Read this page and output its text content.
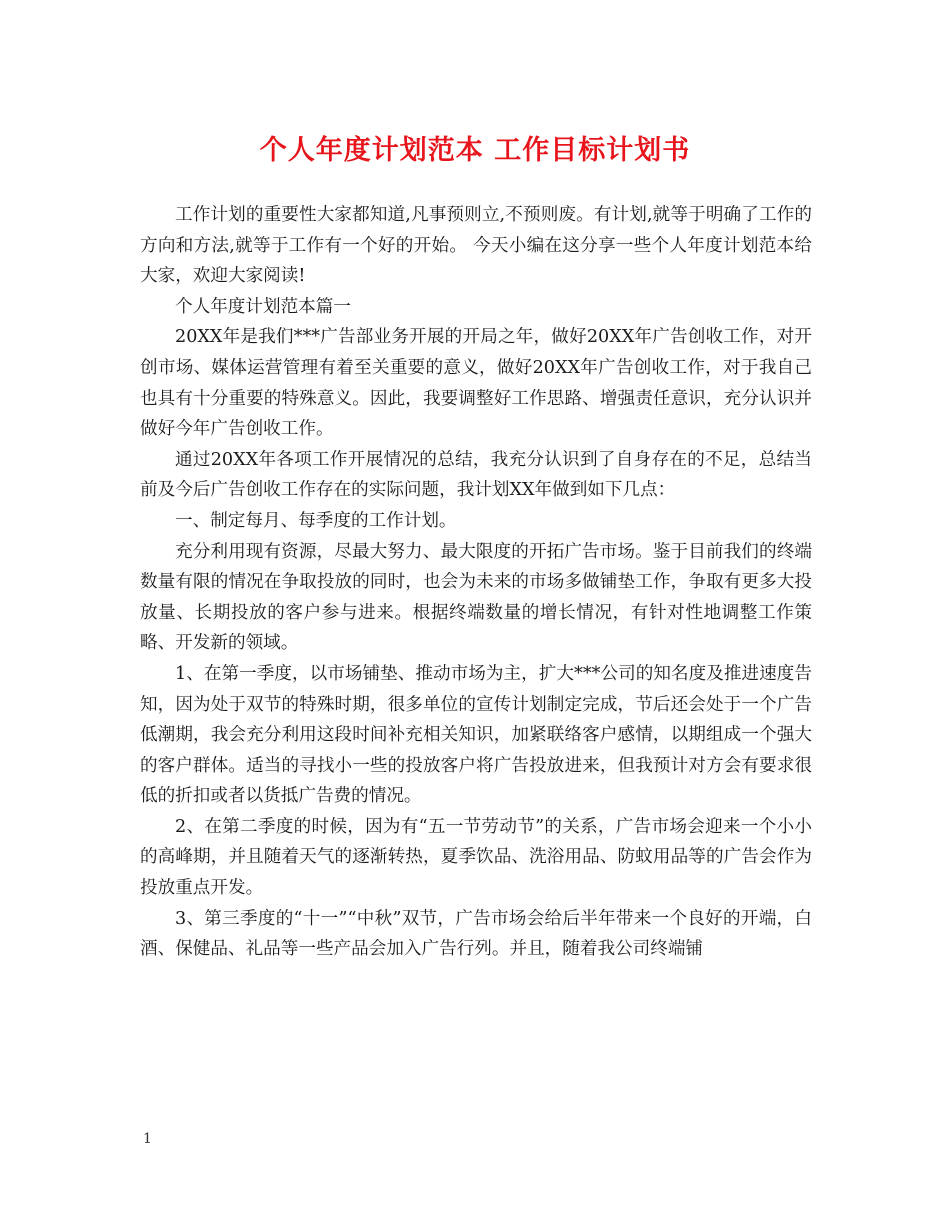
个人年度计划范本 工作目标计划书

工作计划的重要性大家都知道,凡事预则立,不预则废。有计划,就等于明确了工作的方向和方法,就等于工作有一个好的开始。 今天小编在这分享一些个人年度计划范本给大家，欢迎大家阅读!

个人年度计划范本篇一

20XX年是我们***广告部业务开展的开局之年，做好20XX年广告创收工作，对开创市场、媒体运营管理有着至关重要的意义，做好20XX年广告创收工作，对于我自己也具有十分重要的特殊意义。因此，我要调整好工作思路、增强责任意识，充分认识并做好今年广告创收工作。

通过20XX年各项工作开展情况的总结，我充分认识到了自身存在的不足，总结当前及今后广告创收工作存在的实际问题，我计划XX年做到如下几点：

一、制定每月、每季度的工作计划。

充分利用现有资源，尽最大努力、最大限度的开拓广告市场。鉴于目前我们的终端数量有限的情况在争取投放的同时，也会为未来的市场多做铺垫工作，争取有更多大投放量、长期投放的客户参与进来。根据终端数量的增长情况，有针对性地调整工作策略、开发新的领域。

1、在第一季度，以市场铺垫、推动市场为主，扩大***公司的知名度及推进速度告知，因为处于双节的特殊时期，很多单位的宣传计划制定完成，节后还会处于一个广告低潮期，我会充分利用这段时间补充相关知识，加紧联络客户感情，以期组成一个强大的客户群体。适当的寻找小一些的投放客户将广告投放进来，但我预计对方会有要求很低的折扣或者以货抵广告费的情况。

2、在第二季度的时候，因为有“五一节劳动节”的关系，广告市场会迎来一个小小的高峰期，并且随着天气的逐渐转热，夏季饮品、洗浴用品、防蚊用品等的广告会作为投放重点开发。

3、第三季度的“十一”“中秋”双节，广告市场会给后半年带来一个良好的开端，白酒、保健品、礼品等一些产品会加入广告行列。并且，随着我公司终端铺

1
